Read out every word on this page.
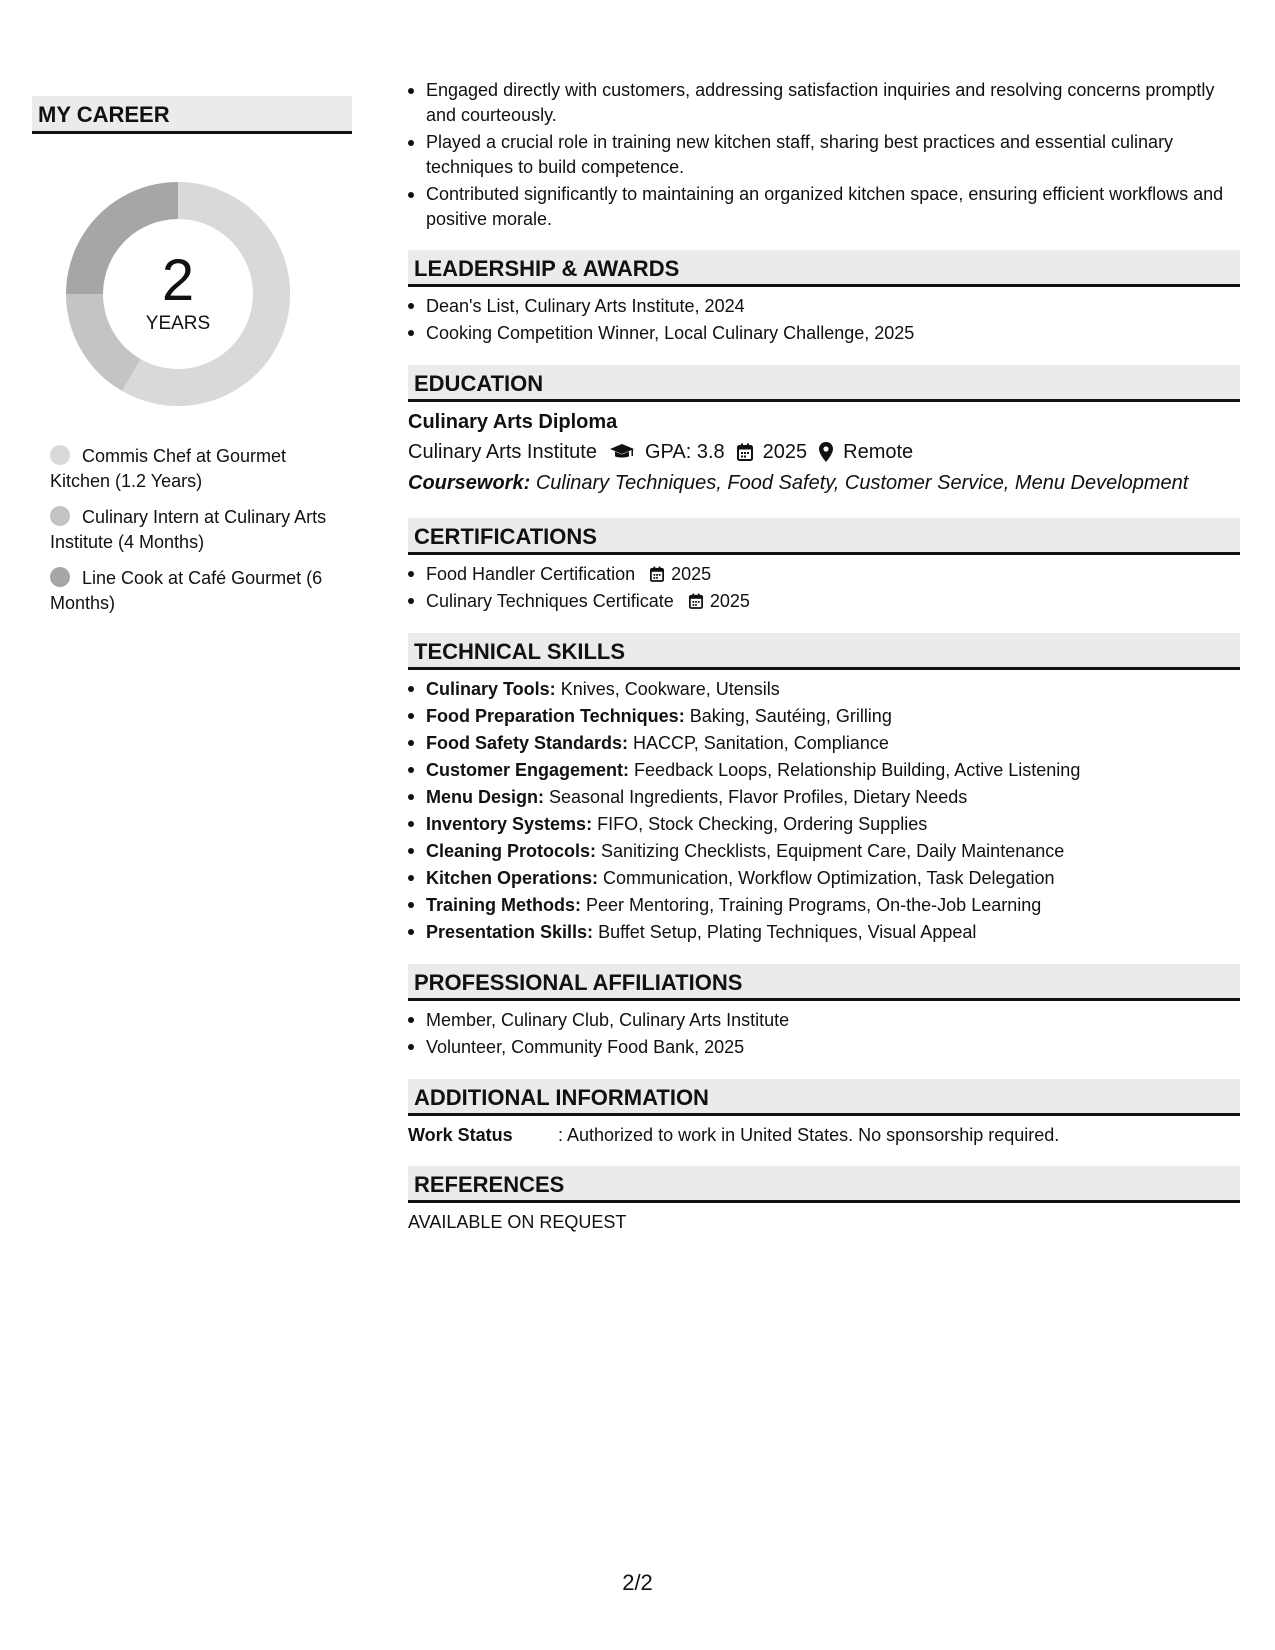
MY CAREER
2
YEARS
Commis Chef at Gourmet Kitchen (1.2 Years)
Culinary Intern at Culinary Arts Institute (4 Months)
Line Cook at Café Gourmet (6 Months)
Engaged directly with customers, addressing satisfaction inquiries and resolving concerns promptly and courteously.
Played a crucial role in training new kitchen staff, sharing best practices and essential culinary techniques to build competence.
Contributed significantly to maintaining an organized kitchen space, ensuring efficient workflows and positive morale.
LEADERSHIP & AWARDS
Dean's List, Culinary Arts Institute, 2024
Cooking Competition Winner, Local Culinary Challenge, 2025
EDUCATION
Culinary Arts Diploma
Culinary Arts Institute GPA: 3.8 2025 Remote
Coursework: Culinary Techniques, Food Safety, Customer Service, Menu Development
CERTIFICATIONS
Food Handler Certification 2025
Culinary Techniques Certificate 2025
TECHNICAL SKILLS
Culinary Tools: Knives, Cookware, Utensils
Food Preparation Techniques: Baking, Sautéing, Grilling
Food Safety Standards: HACCP, Sanitation, Compliance
Customer Engagement: Feedback Loops, Relationship Building, Active Listening
Menu Design: Seasonal Ingredients, Flavor Profiles, Dietary Needs
Inventory Systems: FIFO, Stock Checking, Ordering Supplies
Cleaning Protocols: Sanitizing Checklists, Equipment Care, Daily Maintenance
Kitchen Operations: Communication, Workflow Optimization, Task Delegation
Training Methods: Peer Mentoring, Training Programs, On-the-Job Learning
Presentation Skills: Buffet Setup, Plating Techniques, Visual Appeal
PROFESSIONAL AFFILIATIONS
Member, Culinary Club, Culinary Arts Institute
Volunteer, Community Food Bank, 2025
ADDITIONAL INFORMATION
Work Status	: Authorized to work in United States. No sponsorship required.
REFERENCES
AVAILABLE ON REQUEST
2/2
